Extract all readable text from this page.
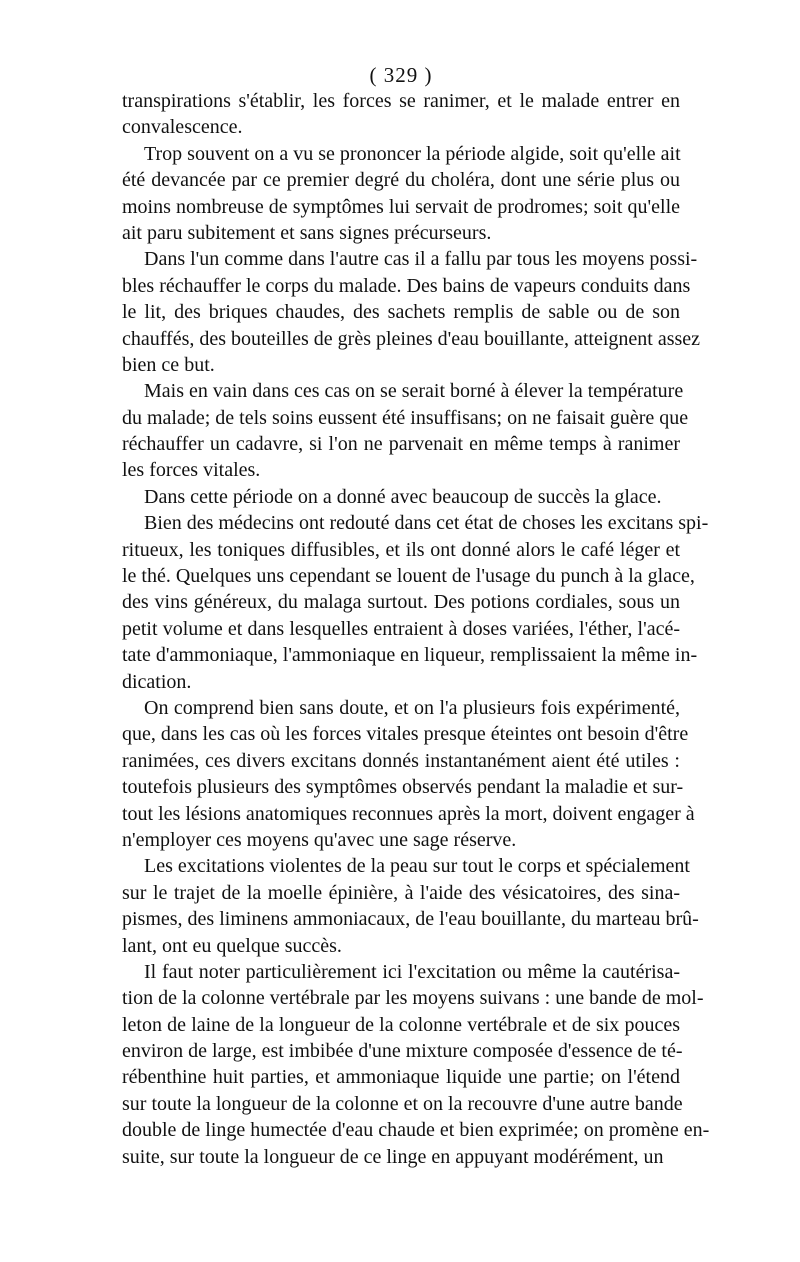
( 329 )
transpirations s'établir, les forces se ranimer, et le malade entrer en
convalescence.
Trop souvent on a vu se prononcer la période algide, soit qu'elle ait
été devancée par ce premier degré du choléra, dont une série plus ou
moins nombreuse de symptômes lui servait de prodromes; soit qu'elle
ait paru subitement et sans signes précurseurs.
Dans l'un comme dans l'autre cas il a fallu par tous les moyens possi-
bles réchauffer le corps du malade. Des bains de vapeurs conduits dans
le lit, des briques chaudes, des sachets remplis de sable ou de son
chauffés, des bouteilles de grès pleines d'eau bouillante, atteignent assez
bien ce but.
Mais en vain dans ces cas on se serait borné à élever la température
du malade; de tels soins eussent été insuffisans; on ne faisait guère que
réchauffer un cadavre, si l'on ne parvenait en même temps à ranimer
les forces vitales.
Dans cette période on a donné avec beaucoup de succès la glace.
Bien des médecins ont redouté dans cet état de choses les excitans spi-
ritueux, les toniques diffusibles, et ils ont donné alors le café léger et
le thé. Quelques uns cependant se louent de l'usage du punch à la glace,
des vins généreux, du malaga surtout. Des potions cordiales, sous un
petit volume et dans lesquelles entraient à doses variées, l'éther, l'acé-
tate d'ammoniaque, l'ammoniaque en liqueur, remplissaient la même in-
dication.
On comprend bien sans doute, et on l'a plusieurs fois expérimenté,
que, dans les cas où les forces vitales presque éteintes ont besoin d'être
ranimées, ces divers excitans donnés instantanément aient été utiles :
toutefois plusieurs des symptômes observés pendant la maladie et sur-
tout les lésions anatomiques reconnues après la mort, doivent engager à
n'employer ces moyens qu'avec une sage réserve.
Les excitations violentes de la peau sur tout le corps et spécialement
sur le trajet de la moelle épinière, à l'aide des vésicatoires, des sina-
pismes, des liminens ammoniacaux, de l'eau bouillante, du marteau brû-
lant, ont eu quelque succès.
Il faut noter particulièrement ici l'excitation ou même la cautérisa-
tion de la colonne vertébrale par les moyens suivans : une bande de mol-
leton de laine de la longueur de la colonne vertébrale et de six pouces
environ de large, est imbibée d'une mixture composée d'essence de té-
rébenthine huit parties, et ammoniaque liquide une partie; on l'étend
sur toute la longueur de la colonne et on la recouvre d'une autre bande
double de linge humectée d'eau chaude et bien exprimée; on promène en-
suite, sur toute la longueur de ce linge en appuyant modérément, un
